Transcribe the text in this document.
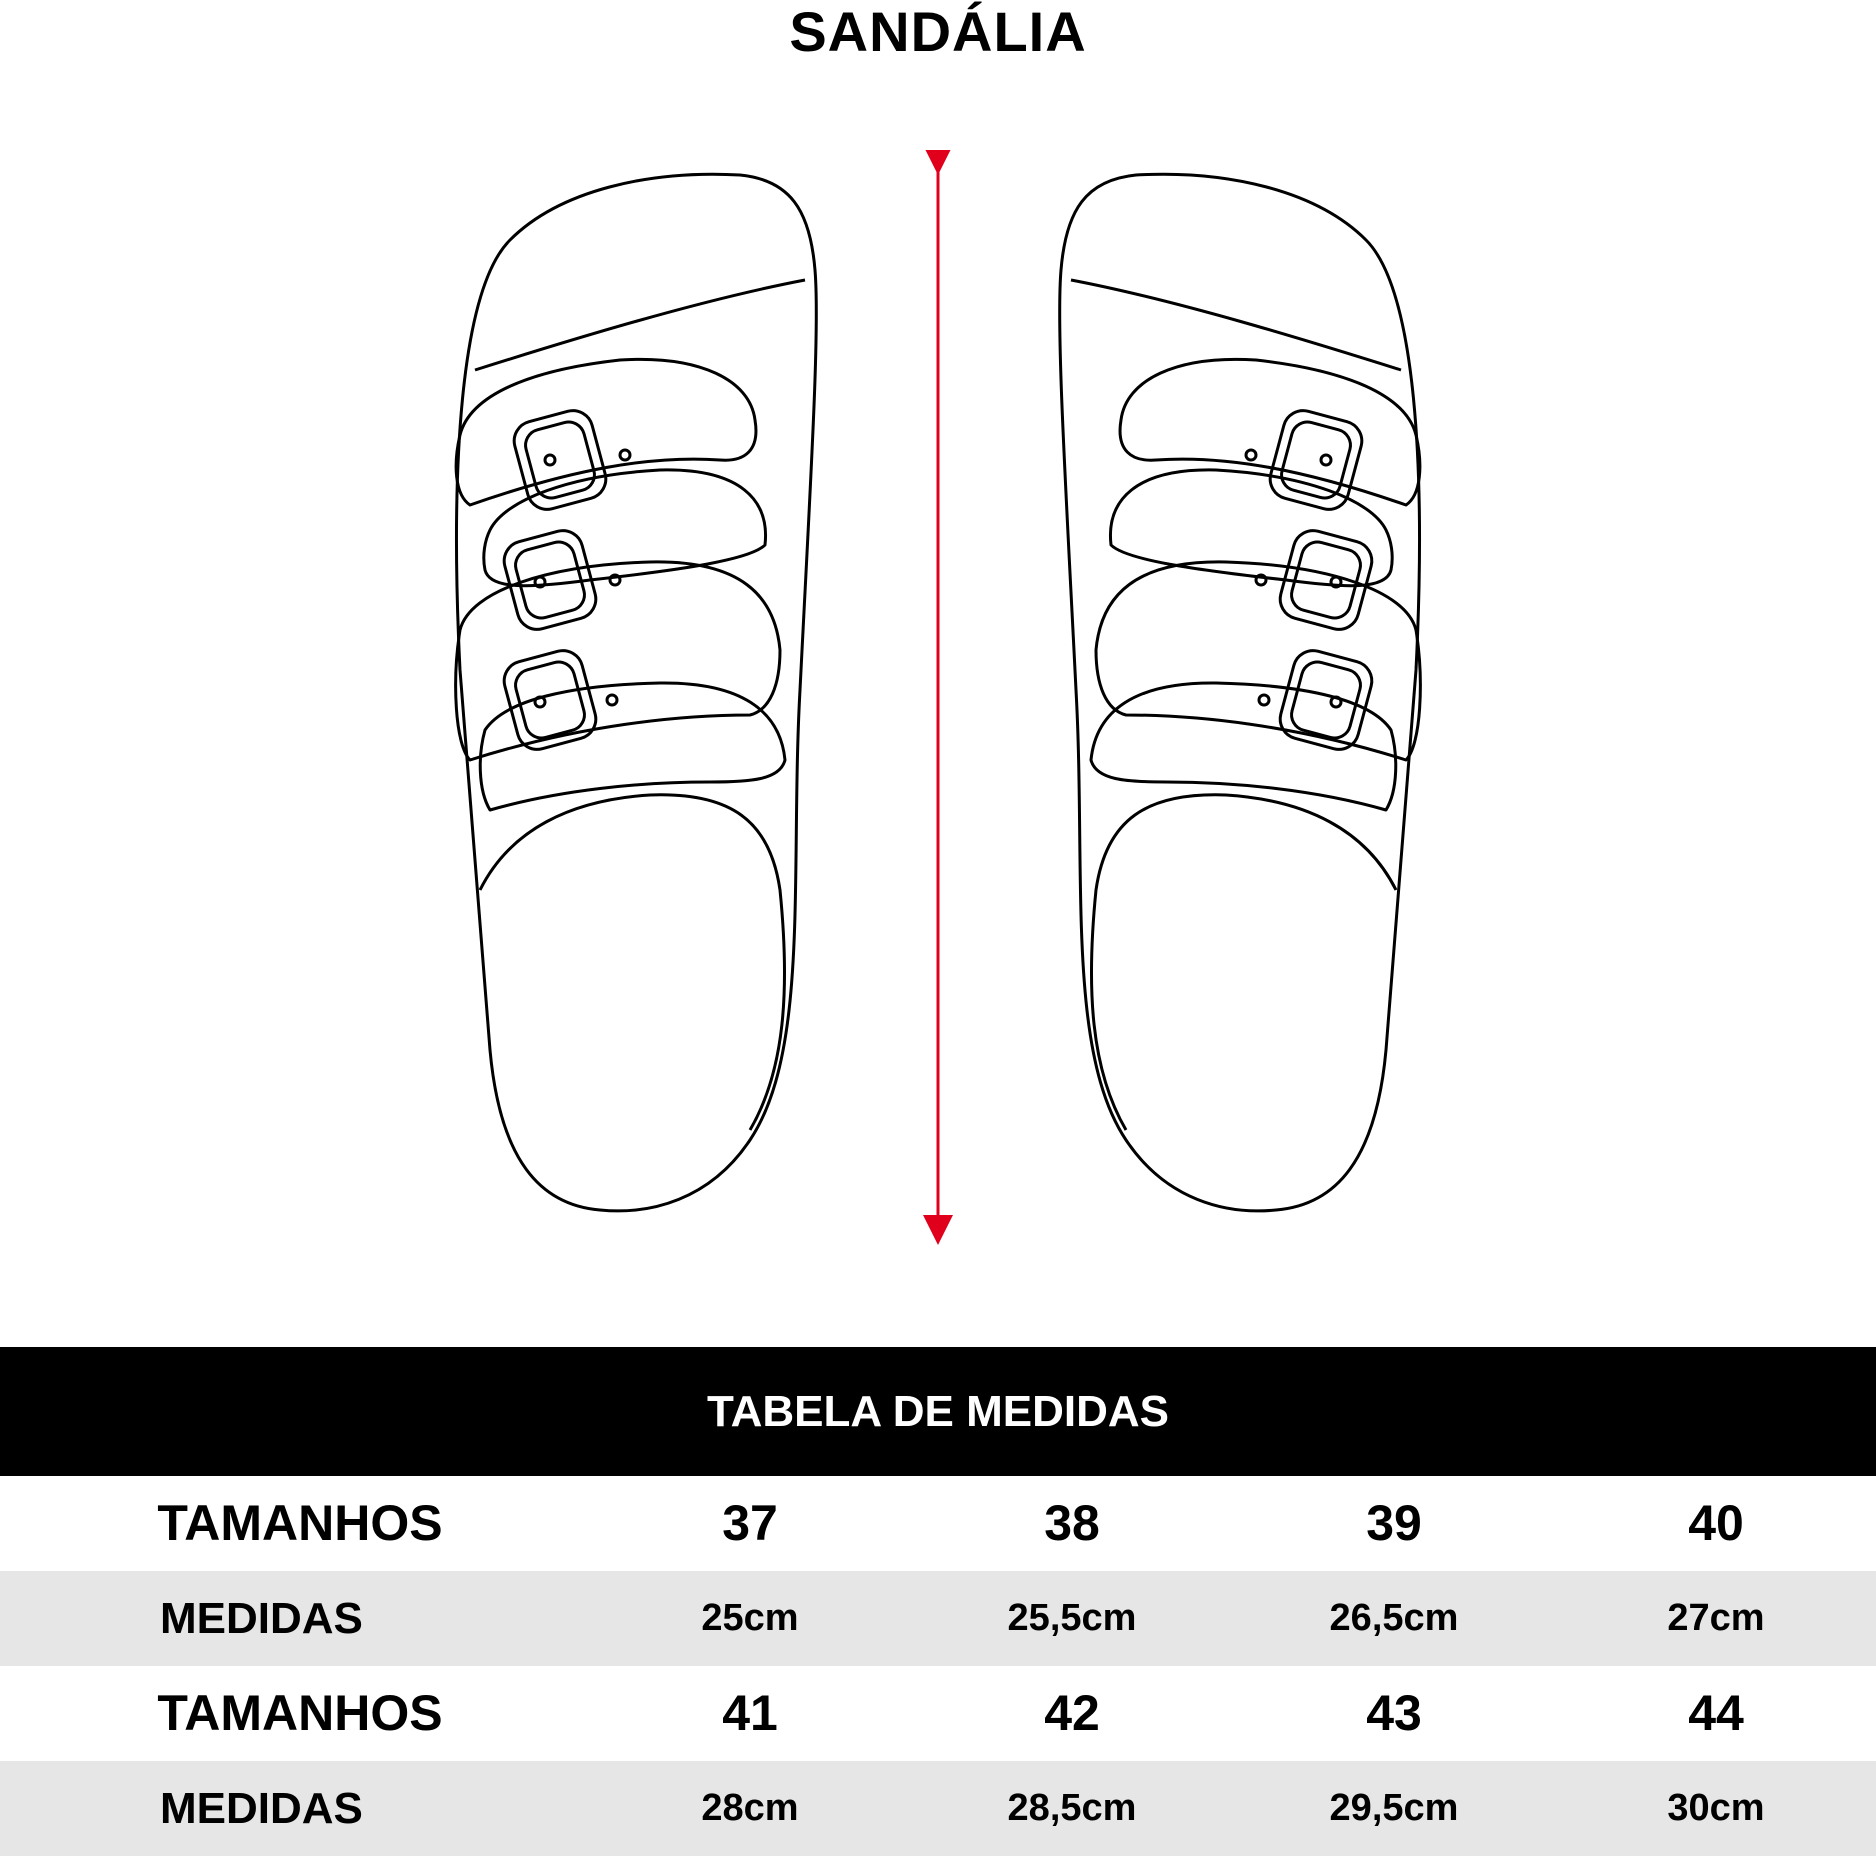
SANDÁLIA
TABELA DE MEDIDAS
TAMANHOS	37	38	39	40
MEDIDAS	25cm	25,5cm	26,5cm	27cm
TAMANHOS	41	42	43	44
MEDIDAS	28cm	28,5cm	29,5cm	30cm
